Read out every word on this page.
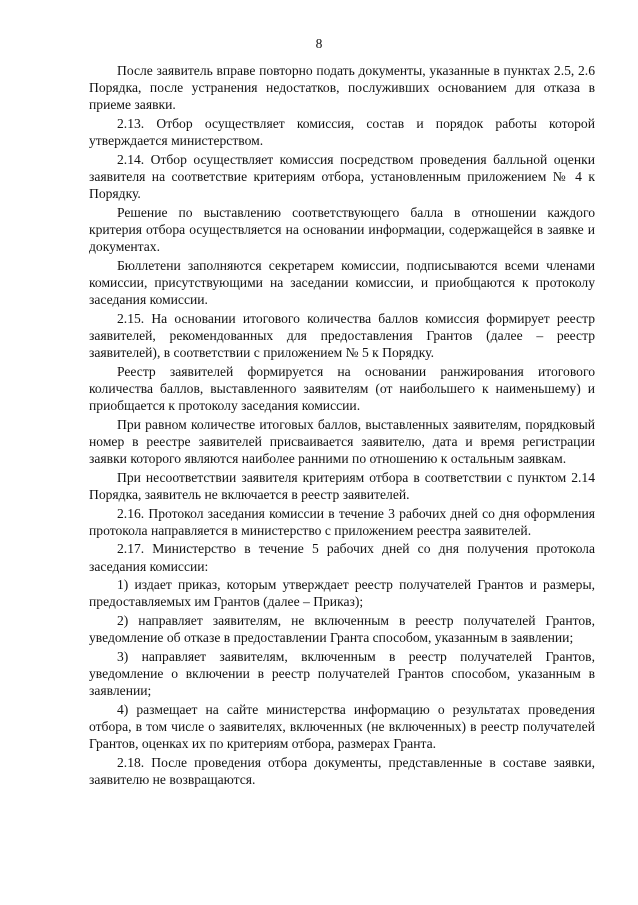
8

После заявитель вправе повторно подать документы, указанные в пунктах 2.5, 2.6 Порядка, после устранения недостатков, послуживших основанием для отказа в приеме заявки.

2.13. Отбор осуществляет комиссия, состав и порядок работы которой утверждается министерством.

2.14. Отбор осуществляет комиссия посредством проведения балльной оценки заявителя на соответствие критериям отбора, установленным приложением № 4 к Порядку.

Решение по выставлению соответствующего балла в отношении каждого критерия отбора осуществляется на основании информации, содержащейся в заявке и документах.

Бюллетени заполняются секретарем комиссии, подписываются всеми членами комиссии, присутствующими на заседании комиссии, и приобщаются к протоколу заседания комиссии.

2.15. На основании итогового количества баллов комиссия формирует реестр заявителей, рекомендованных для предоставления Грантов (далее – реестр заявителей), в соответствии с приложением № 5 к Порядку.

Реестр заявителей формируется на основании ранжирования итогового количества баллов, выставленного заявителям (от наибольшего к наименьшему) и приобщается к протоколу заседания комиссии.

При равном количестве итоговых баллов, выставленных заявителям, порядковый номер в реестре заявителей присваивается заявителю, дата и время регистрации заявки которого являются наиболее ранними по отношению к остальным заявкам.

При несоответствии заявителя критериям отбора в соответствии с пунктом 2.14 Порядка, заявитель не включается в реестр заявителей.

2.16. Протокол заседания комиссии в течение 3 рабочих дней со дня оформления протокола направляется в министерство с приложением реестра заявителей.

2.17. Министерство в течение 5 рабочих дней со дня получения протокола заседания комиссии:

1) издает приказ, которым утверждает реестр получателей Грантов и размеры, предоставляемых им Грантов (далее – Приказ);

2) направляет заявителям, не включенным в реестр получателей Грантов, уведомление об отказе в предоставлении Гранта способом, указанным в заявлении;

3) направляет заявителям, включенным в реестр получателей Грантов, уведомление о включении в реестр получателей Грантов способом, указанным в заявлении;

4) размещает на сайте министерства информацию о результатах проведения отбора, в том числе о заявителях, включенных (не включенных) в реестр получателей Грантов, оценках их по критериям отбора, размерах Гранта.

2.18. После проведения отбора документы, представленные в составе заявки, заявителю не возвращаются.
